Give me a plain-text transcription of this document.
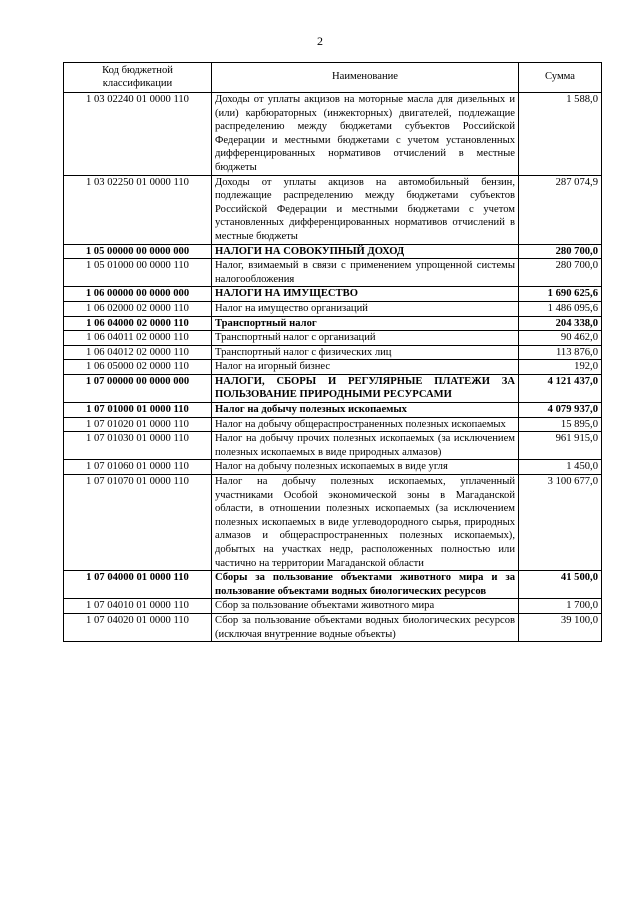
2
Код бюджетной классификации	Наименование	Сумма
1 03 02240 01 0000 110	Доходы от уплаты акцизов на моторные масла для дизельных и (или) карбюраторных (инжекторных) двигателей, подлежащие распределению между бюджетами субъектов Российской Федерации и местными бюджетами с учетом установленных дифференцированных нормативов отчислений в местные бюджеты	1 588,0
1 03 02250 01 0000 110	Доходы от уплаты акцизов на автомобильный бензин, подлежащие распределению между бюджетами субъектов Российской Федерации и местными бюджетами с учетом установленных дифференцированных нормативов отчислений в местные бюджеты	287 074,9
1 05 00000 00 0000 000	НАЛОГИ НА СОВОКУПНЫЙ ДОХОД	280 700,0
1 05 01000 00 0000 110	Налог, взимаемый в связи с применением упрощенной системы налогообложения	280 700,0
1 06 00000 00 0000 000	НАЛОГИ НА ИМУЩЕСТВО	1 690 625,6
1 06 02000 02 0000 110	Налог на имущество организаций	1 486 095,6
1 06 04000 02 0000 110	Транспортный налог	204 338,0
1 06 04011 02 0000 110	Транспортный налог с организаций	90 462,0
1 06 04012 02 0000 110	Транспортный налог с физических лиц	113 876,0
1 06 05000 02 0000 110	Налог на игорный бизнес	192,0
1 07 00000 00 0000 000	НАЛОГИ, СБОРЫ И РЕГУЛЯРНЫЕ ПЛАТЕЖИ ЗА ПОЛЬЗОВАНИЕ ПРИРОДНЫМИ РЕСУРСАМИ	4 121 437,0
1 07 01000 01 0000 110	Налог на добычу полезных ископаемых	4 079 937,0
1 07 01020 01 0000 110	Налог на добычу общераспространенных полезных ископаемых	15 895,0
1 07 01030 01 0000 110	Налог на добычу прочих полезных ископаемых (за исключением полезных ископаемых в виде природных алмазов)	961 915,0
1 07 01060 01 0000 110	Налог на добычу полезных ископаемых в виде угля	1 450,0
1 07 01070 01 0000 110	Налог на добычу полезных ископаемых, уплаченный участниками Особой экономической зоны в Магаданской области, в отношении полезных ископаемых (за исключением полезных ископаемых в виде углеводородного сырья, природных алмазов и общераспространенных полезных ископаемых), добытых на участках недр, расположенных полностью или частично на территории Магаданской области	3 100 677,0
1 07 04000 01 0000 110	Сборы за пользование объектами животного мира и за пользование объектами водных биологических ресурсов	41 500,0
1 07 04010 01 0000 110	Сбор за пользование объектами животного мира	1 700,0
1 07 04020 01 0000 110	Сбор за пользование объектами водных биологических ресурсов (исключая внутренние водные объекты)	39 100,0
